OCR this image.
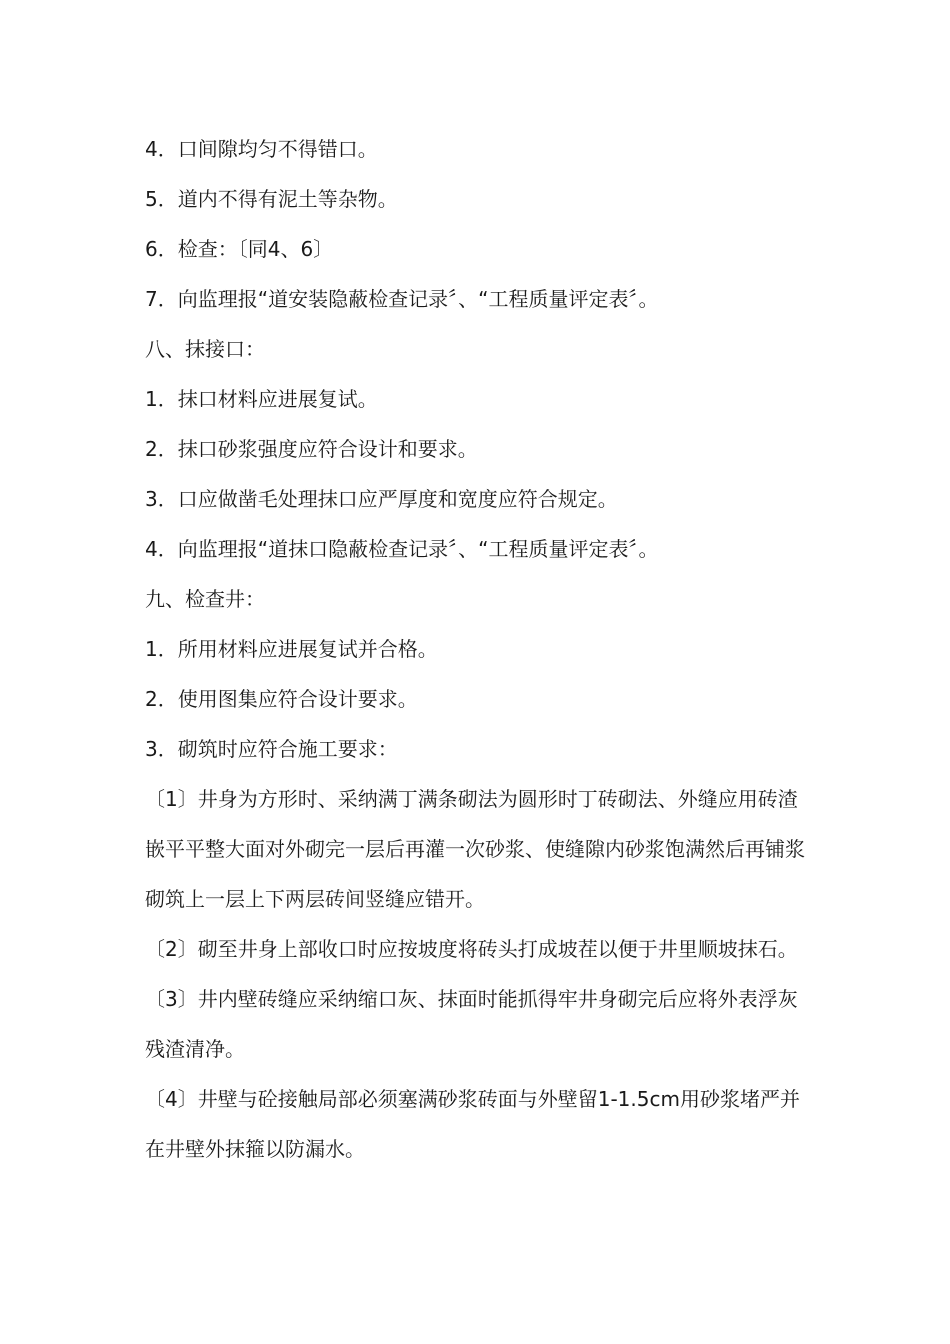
4．口间隙均匀不得错口。

5．道内不得有泥土等杂物。

6．检查：〔同4、6〕

7．向监理报“道安装隐蔽检查记录〞、“工程质量评定表〞。

八、抹接口：

1．抹口材料应进展复试。

2．抹口砂浆强度应符合设计和要求。

3．口应做凿毛处理抹口应严厚度和宽度应符合规定。

4．向监理报“道抹口隐蔽检查记录〞、“工程质量评定表〞。

九、检查井：

1．所用材料应进展复试并合格。

2．使用图集应符合设计要求。

3．砌筑时应符合施工要求：

〔1〕井身为方形时、采纳满丁满条砌法为圆形时丁砖砌法、外缝应用砖渣嵌平平整大面对外砌完一层后再灌一次砂浆、使缝隙内砂浆饱满然后再铺浆砌筑上一层上下两层砖间竖缝应错开。

〔2〕砌至井身上部收口时应按坡度将砖头打成坡茬以便于井里顺坡抹石。

〔3〕井内壁砖缝应采纳缩口灰、抹面时能抓得牢井身砌完后应将外表浮灰残渣清净。

〔4〕井壁与砼接触局部必须塞满砂浆砖面与外壁留1-1.5cm用砂浆堵严并在井壁外抹箍以防漏水。
